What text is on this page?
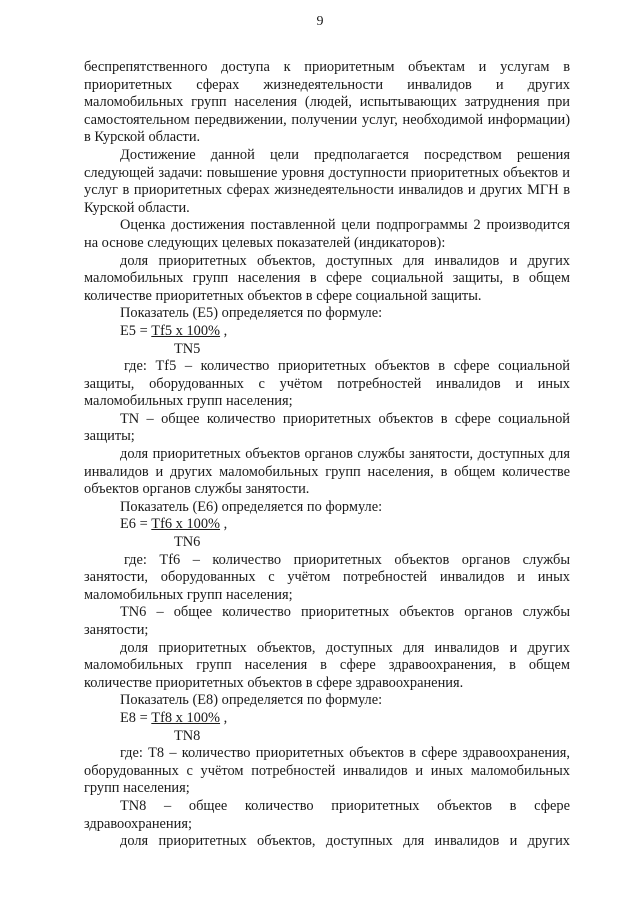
9

беспрепятственного доступа к приоритетным объектам и услугам в приоритетных сферах жизнедеятельности инвалидов и других маломобильных групп населения (людей, испытывающих затруднения при самостоятельном передвижении, получении услуг, необходимой информации) в Курской области.

Достижение данной цели предполагается посредством решения следующей задачи: повышение уровня доступности приоритетных объектов и услуг в приоритетных сферах жизнедеятельности инвалидов и других МГН в Курской области.

Оценка достижения поставленной цели подпрограммы 2 производится на основе следующих целевых показателей (индикаторов):

доля приоритетных объектов, доступных для инвалидов и других маломобильных групп населения в сфере социальной защиты, в общем количестве приоритетных объектов в сфере социальной защиты.

Показатель (Е5) определяется по формуле:

Е5 = Tf5 x 100% ,
TN5

где: Tf5 – количество приоритетных объектов в сфере социальной защиты, оборудованных с учётом потребностей инвалидов и иных маломобильных групп населения;

TN – общее количество приоритетных объектов в сфере социальной защиты;

доля приоритетных объектов органов службы занятости, доступных для инвалидов и других маломобильных групп населения, в общем количестве объектов органов службы занятости.

Показатель (Е6) определяется по формуле:

Е6 = Tf6 x 100% ,
TN6

где: Tf6 – количество приоритетных объектов органов службы занятости, оборудованных с учётом потребностей инвалидов и иных маломобильных групп населения;

TN6 – общее количество приоритетных объектов органов службы занятости;

доля приоритетных объектов, доступных для инвалидов и других маломобильных групп населения в сфере здравоохранения, в общем количестве приоритетных объектов в сфере здравоохранения.

Показатель (Е8) определяется по формуле:

Е8 = Tf8 x 100% ,
TN8

где: T8 – количество приоритетных объектов в сфере здравоохранения, оборудованных с учётом потребностей инвалидов и иных маломобильных групп населения;

TN8 – общее количество приоритетных объектов в сфере здравоохранения;

доля приоритетных объектов, доступных для инвалидов и других
